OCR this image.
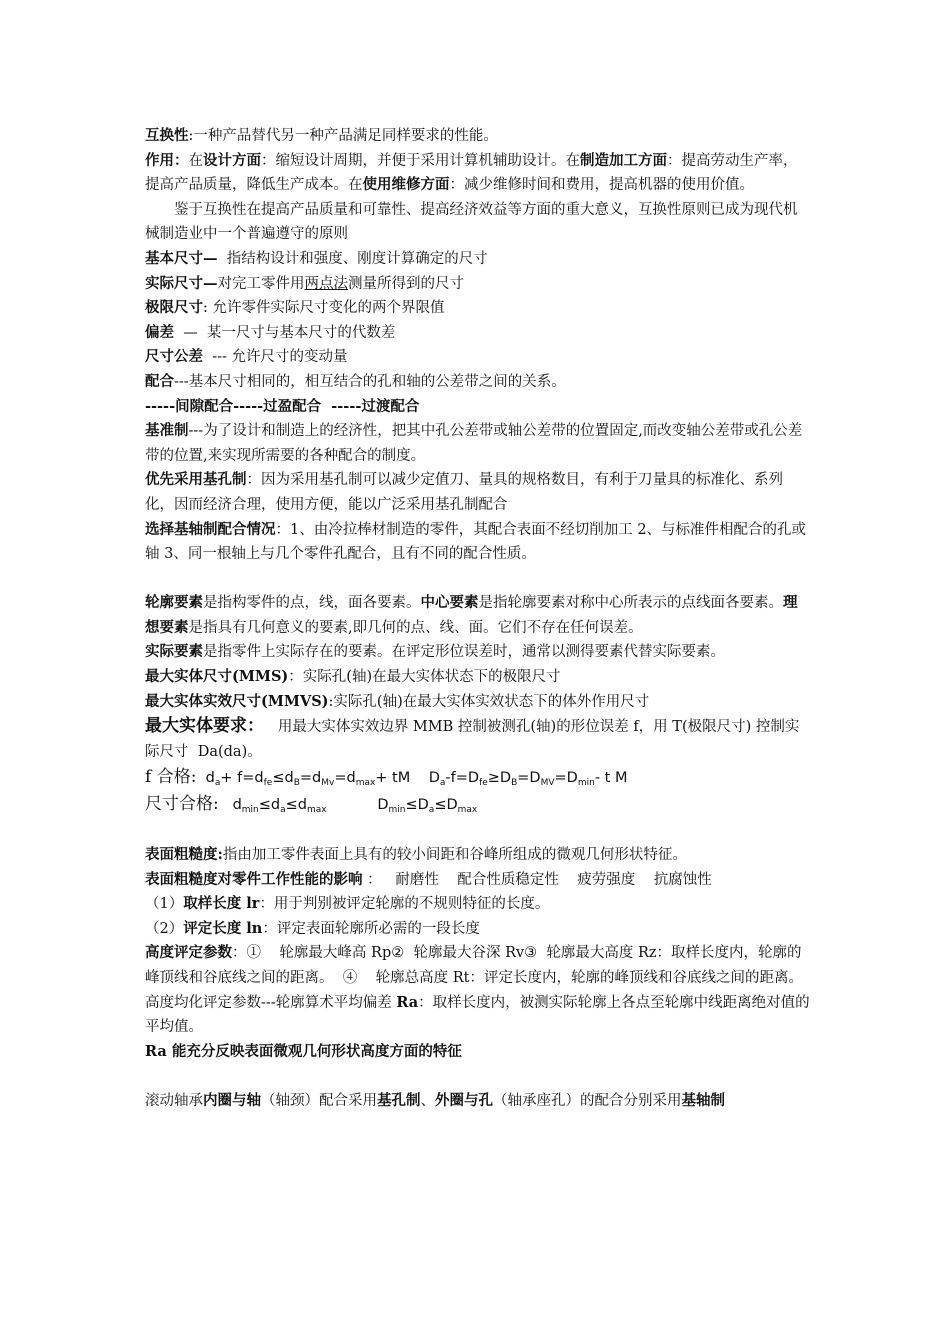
互换性:一种产品替代另一种产品满足同样要求的性能。

作用：在设计方面：缩短设计周期，并便于采用计算机辅助设计。在制造加工方面：提高劳动生产率，提高产品质量，降低生产成本。在使用维修方面：减少维修时间和费用，提高机器的使用价值。

鉴于互换性在提高产品质量和可靠性、提高经济效益等方面的重大意义，互换性原则已成为现代机械制造业中一个普遍遵守的原则

基本尺寸—  指结构设计和强度、刚度计算确定的尺寸

实际尺寸—对完工零件用两点法测量所得到的尺寸

极限尺寸: 允许零件实际尺寸变化的两个界限值

偏差  —  某一尺寸与基本尺寸的代数差

尺寸公差  --- 允许尺寸的变动量

配合---基本尺寸相同的，相互结合的孔和轴的公差带之间的关系。

-----间隙配合-----过盈配合  -----过渡配合

基准制---为了设计和制造上的经济性，把其中孔公差带或轴公差带的位置固定,而改变轴公差带或孔公差带的位置,来实现所需要的各种配合的制度。

优先采用基孔制：因为采用基孔制可以减少定值刀、量具的规格数目，有利于刀量具的标准化、系列化，因而经济合理，使用方便，能以广泛采用基孔制配合

选择基轴制配合情况：1、由冷拉棒材制造的零件，其配合表面不经切削加工 2、与标准件相配合的孔或轴 3、同一根轴上与几个零件孔配合，且有不同的配合性质。

轮廓要素是指构零件的点，线，面各要素。中心要素是指轮廓要素对称中心所表示的点线面各要素。理想要素是指具有几何意义的要素,即几何的点、线、面。它们不存在任何误差。

实际要素是指零件上实际存在的要素。在评定形位误差时，通常以测得要素代替实际要素。

最大实体尺寸(MMS)：实际孔(轴)在最大实体状态下的极限尺寸

最大实体实效尺寸(MMVS):实际孔(轴)在最大实体实效状态下的体外作用尺寸

最大实体要求：   用最大实体实效边界 MMB 控制被测孔(轴)的形位误差 f，用 T(极限尺寸) 控制实际尺寸  Da(da)。

f 合格: $d_a+ f=d_{fe}\le d_B=d_{Mv}=d_{max}+$ tM $D_a-f=D_{fe}\ge D_B=D_{MV}=D_{min}-$ t M

尺寸合格: $d_{min}\le d_a\le d_{max}$	$D_{min}\le D_a\le D_{max}$

表面粗糙度:指由加工零件表面上具有的较小间距和谷峰所组成的微观几何形状特征。

表面粗糙度对零件工作性能的影响 ：   耐磨性    配合性质稳定性    疲劳强度    抗腐蚀性

（1）取样长度 lr：用于判别被评定轮廓的不规则特征的长度。

（2）评定长度 ln：评定表面轮廓所必需的一段长度

高度评定参数：①    轮廓最大峰高 Rp②  轮廓最大谷深 Rv③  轮廓最大高度 Rz：取样长度内，轮廓的峰顶线和谷底线之间的距离。  ④    轮廓总高度 Rt：评定长度内，轮廓的峰顶线和谷底线之间的距离。

高度均化评定参数---轮廓算术平均偏差 Ra：取样长度内，被测实际轮廓上各点至轮廓中线距离绝对值的平均值。

Ra 能充分反映表面微观几何形状高度方面的特征

滚动轴承内圈与轴（轴颈）配合采用基孔制、外圈与孔（轴承座孔）的配合分别采用基轴制
